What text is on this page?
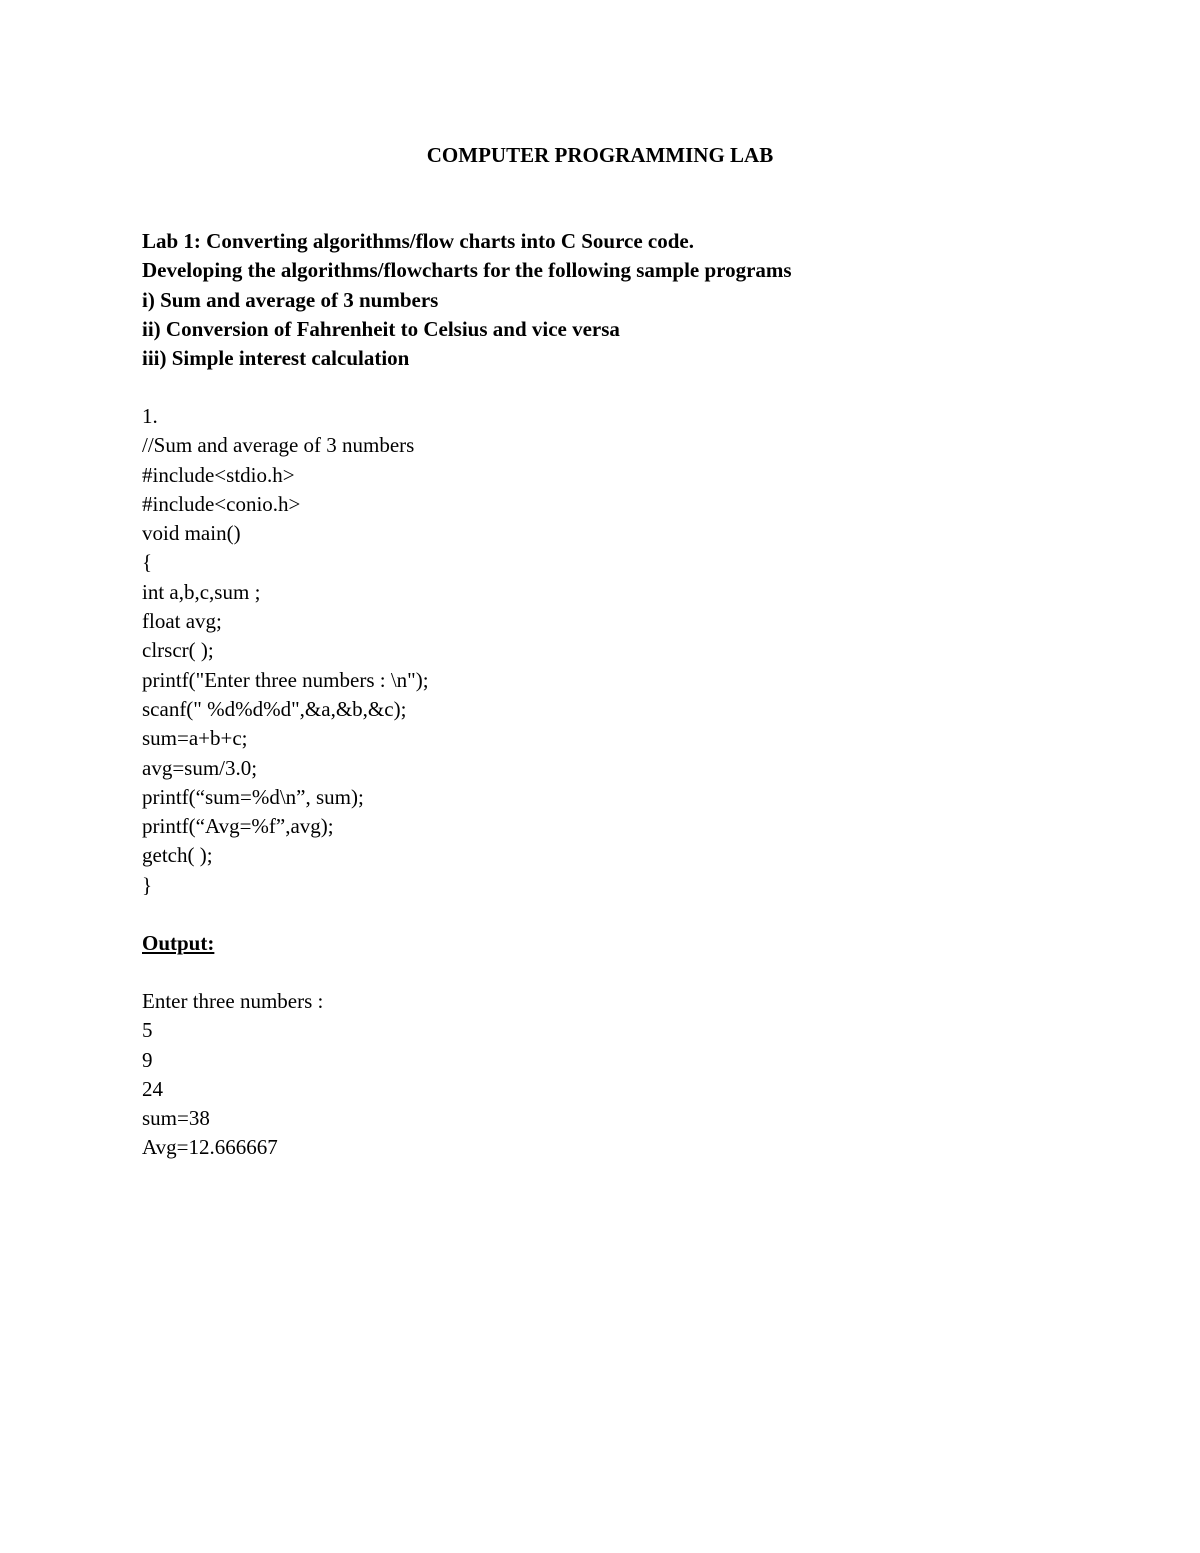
COMPUTER PROGRAMMING LAB

Lab 1: Converting algorithms/flow charts into C Source code.

Developing the algorithms/flowcharts for the following sample programs

i) Sum and average of 3 numbers

ii) Conversion of Fahrenheit to Celsius and vice versa

iii) Simple interest calculation

1.

//Sum and average of 3 numbers

#include<stdio.h>

#include<conio.h>

void main()

{

int a,b,c,sum ;

float avg;

clrscr( );

printf("Enter three numbers : \n");

scanf(" %d%d%d",&a,&b,&c);

sum=a+b+c;

avg=sum/3.0;

printf(“sum=%d\n”, sum);

printf(“Avg=%f”,avg);

getch( );

}

Output:

Enter three numbers :

5

9

24

sum=38

Avg=12.666667
